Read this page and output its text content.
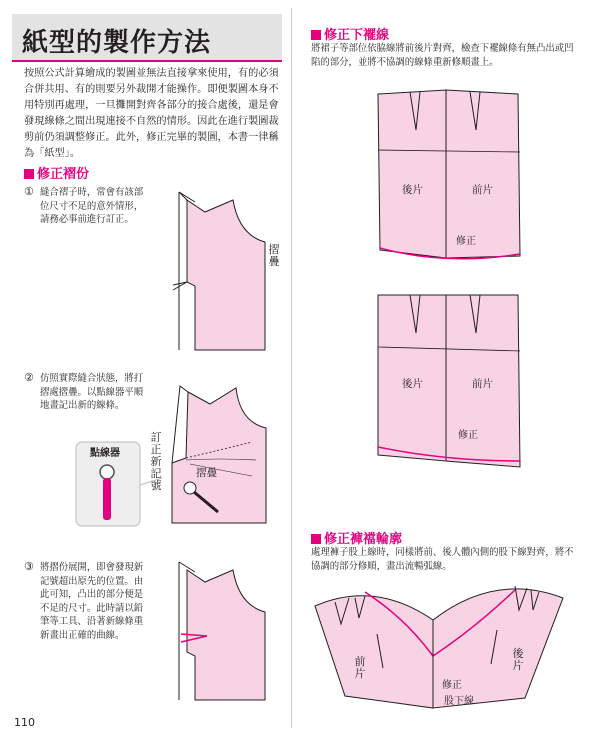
紙型的製作方法
按照公式計算繪成的製圖並無法直接拿來使用，有的必須合併共用、有的則要另外裁開才能操作。即便製圖本身不用特別再處理，一旦攤開對齊各部分的接合處後，還是會發現線條之間出現連接不自然的情形。因此在進行製圖裁剪前仍須調整修正。此外，修正完畢的製圖，本書一律稱為「紙型」。
修正褶份
① 縫合褶子時，常會有該部位尺寸不足的意外情形，請務必事前進行訂正。
摺疊
② 仿照實際縫合狀態，將打摺處摺疊。以點線器平順地畫記出新的線條。
訂正新記號
摺疊
點線器
③ 將摺份展開，即會發現新記號超出原先的位置。由此可知，凸出的部分便是不足的尺寸。此時請以鉛筆等工具、沿著新線條重新畫出正確的曲線。
110
修正下襬線
將裙子等部位依脇線將前後片對齊，檢查下襬線條有無凸出或凹陷的部分，並將不協調的線條重新修順畫上。
後片	前片
修正
後片	前片
修正
修正褲襠輪廓
處理褲子股上線時，同樣將前、後人體內側的股下線對齊，將不協調的部分修順，畫出流暢弧線。
前片
後片
修正
股下線
